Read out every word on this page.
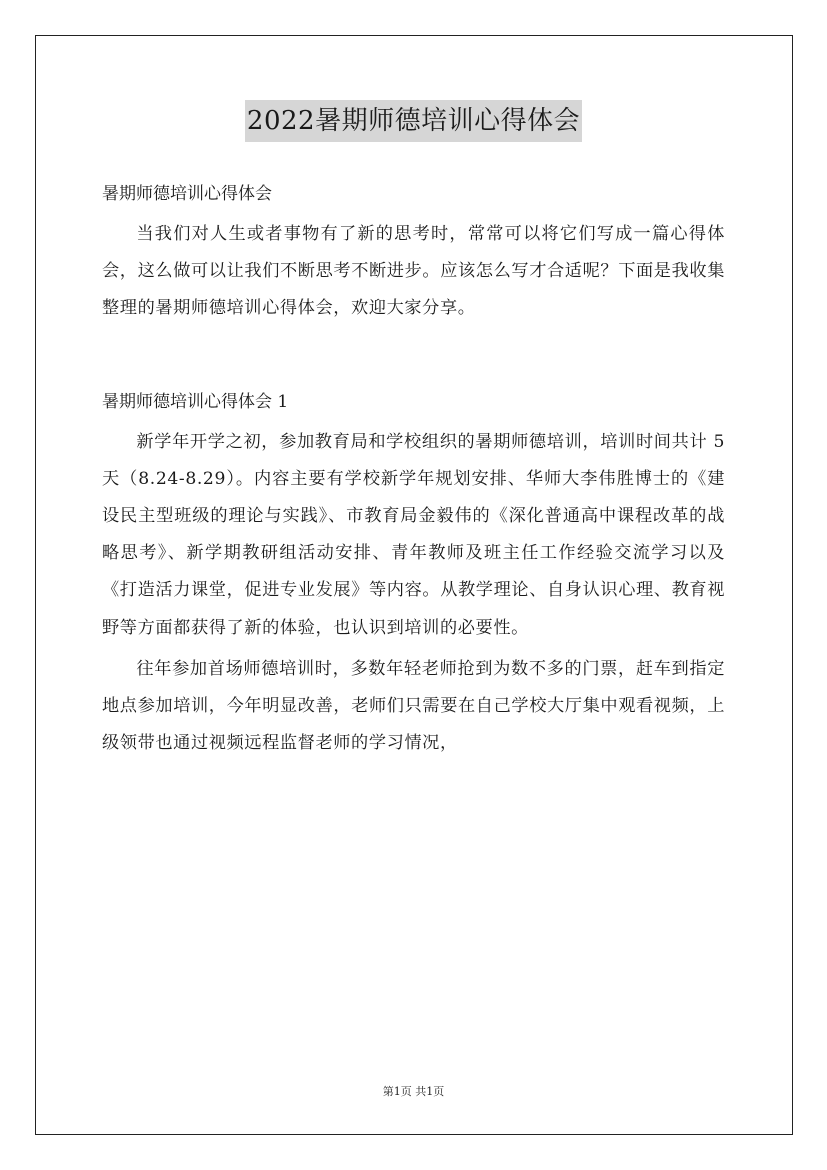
2022暑期师德培训心得体会

暑期师德培训心得体会

当我们对人生或者事物有了新的思考时，常常可以将它们写成一篇心得体会，这么做可以让我们不断思考不断进步。应该怎么写才合适呢？下面是我收集整理的暑期师德培训心得体会，欢迎大家分享。

暑期师德培训心得体会 1

新学年开学之初，参加教育局和学校组织的暑期师德培训，培训时间共计 5 天（8.24-8.29）。内容主要有学校新学年规划安排、华师大李伟胜博士的《建设民主型班级的理论与实践》、市教育局金毅伟的《深化普通高中课程改革的战略思考》、新学期教研组活动安排、青年教师及班主任工作经验交流学习以及《打造活力课堂，促进专业发展》等内容。从教学理论、自身认识心理、教育视野等方面都获得了新的体验，也认识到培训的必要性。

往年参加首场师德培训时，多数年轻老师抢到为数不多的门票，赶车到指定地点参加培训，今年明显改善，老师们只需要在自己学校大厅集中观看视频，上级领带也通过视频远程监督老师的学习情况，

第1页 共1页
